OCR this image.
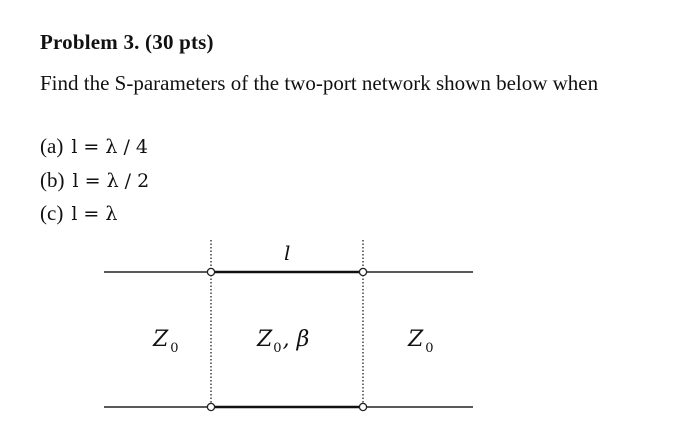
Problem 3. (30 pts)
Find the S-parameters of the two-port network shown below when
(a) l = λ / 4
(b) l = λ / 2
(c) l = λ
l
Z $_0$	$Z_0$, β	Z $_0$
